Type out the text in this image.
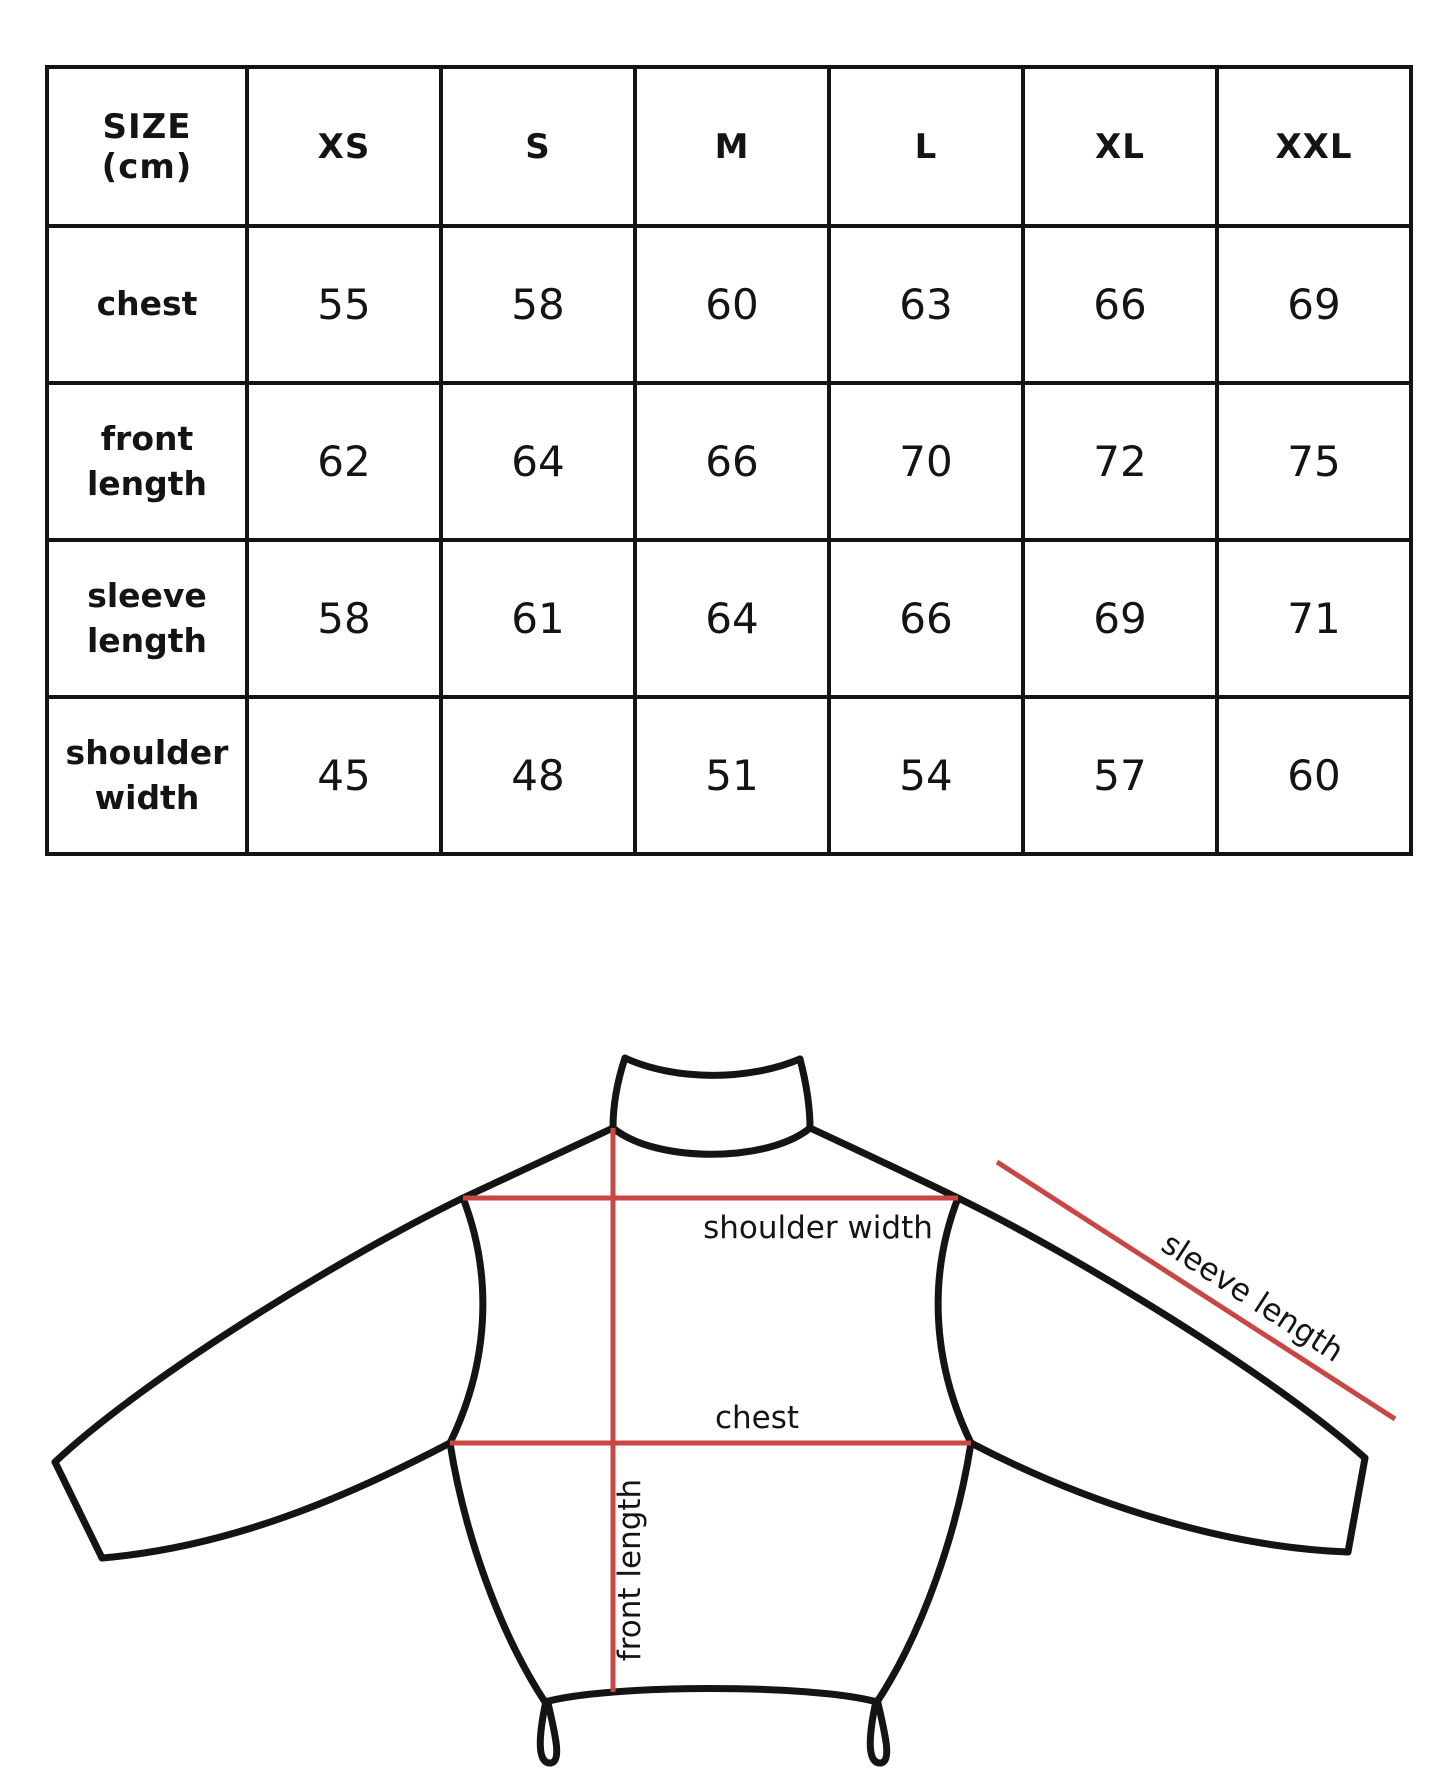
SIZE
(cm)	XS	S	M	L	XL	XXL
chest	55	58	60	63	66	69
front length	62	64	66	70	72	75
sleeve length	58	61	64	66	69	71
shoulder width	45	48	51	54	57	60
shoulder width
chest
front length
sleeve length
